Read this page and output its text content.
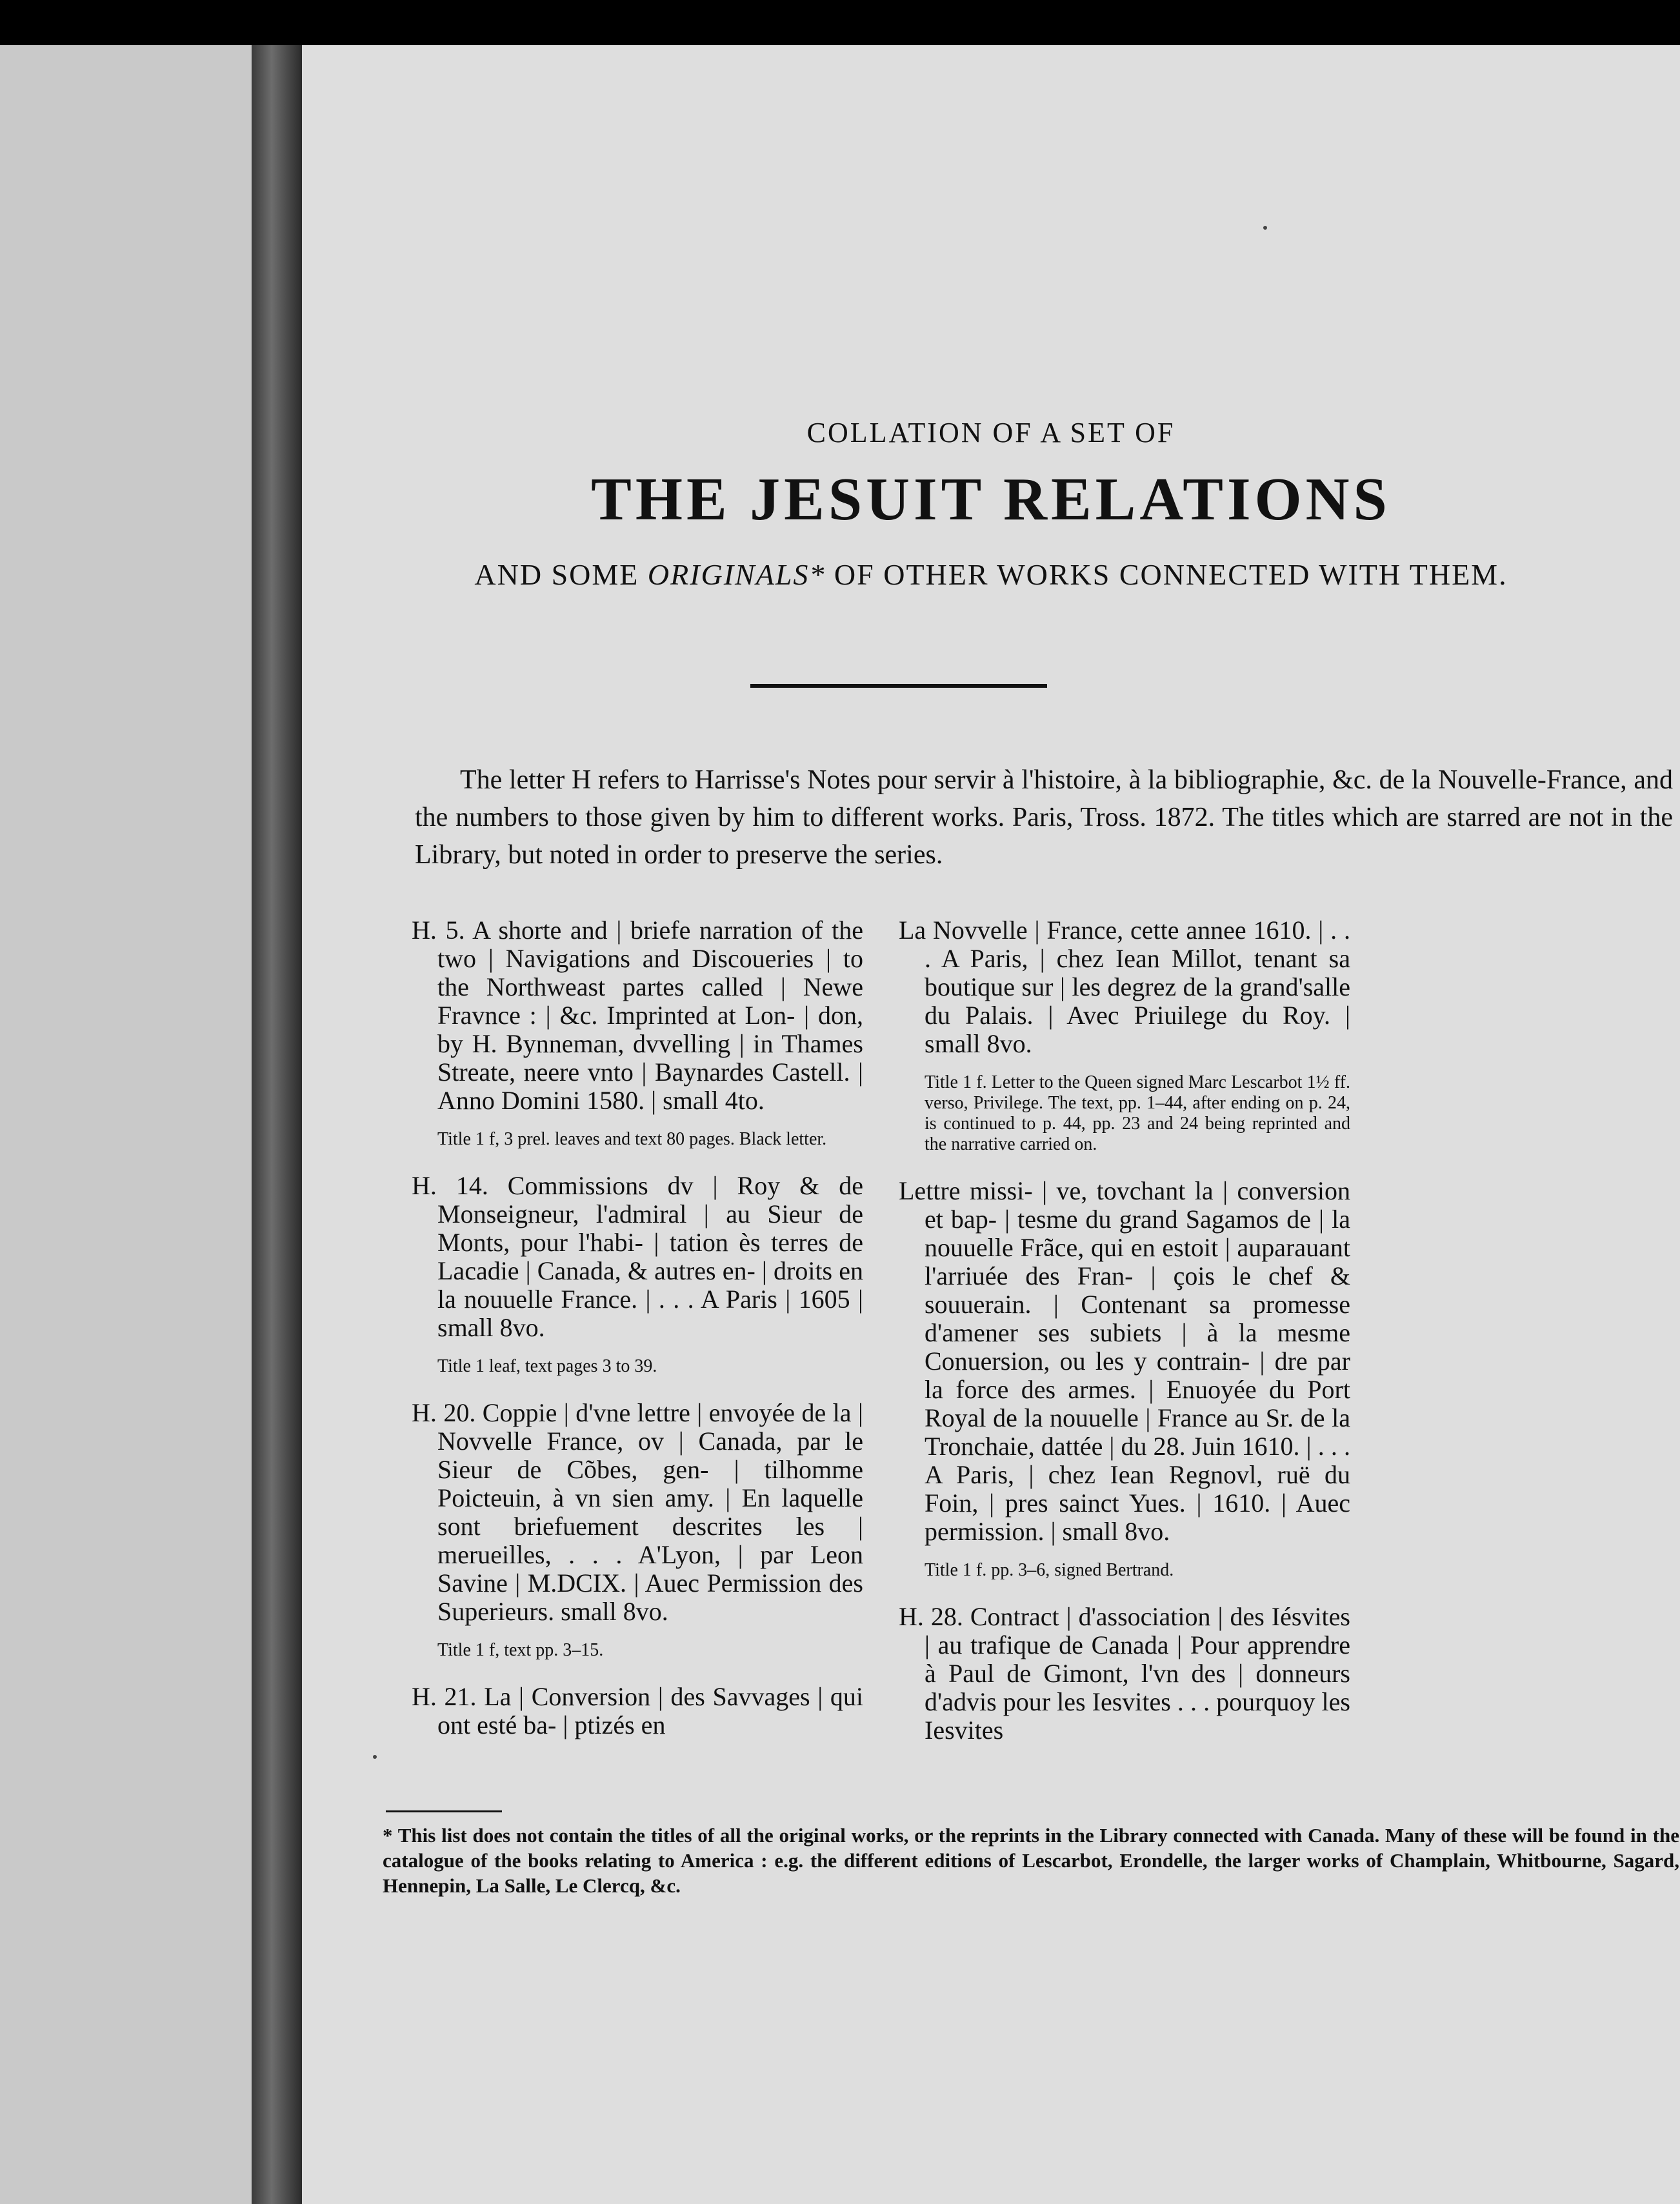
COLLATION OF A SET OF
THE JESUIT RELATIONS
AND SOME ORIGINALS* OF OTHER WORKS CONNECTED WITH THEM.
The letter H refers to Harrisse's Notes pour servir à l'histoire, à la bibliographie, &c. de la Nouvelle-France, and the numbers to those given by him to different works. Paris, Tross. 1872. The titles which are starred are not in the Library, but noted in order to preserve the series.
H. 5. A shorte and | briefe narration of the two | Navigations and Discoueries | to the Northweast partes called | Newe Fravnce : | &c. Imprinted at Lon- | don, by H. Bynneman, dvvelling | in Thames Streate, neere vnto | Baynardes Castell. | Anno Domini 1580. | small 4to.
Title 1 f, 3 prel. leaves and text 80 pages. Black letter.
H. 14. Commissions dv | Roy & de Monseigneur, l'admiral | au Sieur de Monts, pour l'habi- | tation ès terres de Lacadie | Canada, & autres en- | droits en la nouuelle France. | . . . A Paris | 1605 | small 8vo.
Title 1 leaf, text pages 3 to 39.
H. 20. Coppie | d'vne lettre | envoyée de la | Novvelle France, ov | Canada, par le Sieur de Cõbes, gen- | tilhomme Poicteuin, à vn sien amy. | En laquelle sont briefuement descrites les | merueilles, . . . A'Lyon, | par Leon Savine | M.DCIX. | Auec Permission des Superieurs. small 8vo.
Title 1 f, text pp. 3–15.
H. 21. La | Conversion | des Savvages | qui ont esté ba- | ptizés en
La Novvelle | France, cette annee 1610. | . . . A Paris, | chez Iean Millot, tenant sa boutique sur | les degrez de la grand'salle du Palais. | Avec Priuilege du Roy. | small 8vo.
Title 1 f. Letter to the Queen signed Marc Lescarbot 1½ ff. verso, Privilege. The text, pp. 1–44, after ending on p. 24, is continued to p. 44, pp. 23 and 24 being reprinted and the narrative carried on.
Lettre missi- | ve, tovchant la | conversion et bap- | tesme du grand Sagamos de | la nouuelle Frãce, qui en estoit | auparauant l'arriuée des Fran- | çois le chef & souuerain. | Contenant sa promesse d'amener ses subiets | à la mesme Conuersion, ou les y contrain- | dre par la force des armes. | Enuoyée du Port Royal de la nouuelle | France au Sr. de la Tronchaie, dattée | du 28. Juin 1610. | . . . A Paris, | chez Iean Regnovl, ruë du Foin, | pres sainct Yues. | 1610. | Auec permission. | small 8vo.
Title 1 f. pp. 3–6, signed Bertrand.
H. 28. Contract | d'association | des Iésvites | au trafique de Canada | Pour apprendre à Paul de Gimont, l'vn des | donneurs d'advis pour les Iesvites . . . pourquoy les Iesvites
* This list does not contain the titles of all the original works, or the reprints in the Library connected with Canada. Many of these will be found in the catalogue of the books relating to America : e.g. the different editions of Lescarbot, Erondelle, the larger works of Champlain, Whitbourne, Sagard, Hennepin, La Salle, Le Clercq, &c.
